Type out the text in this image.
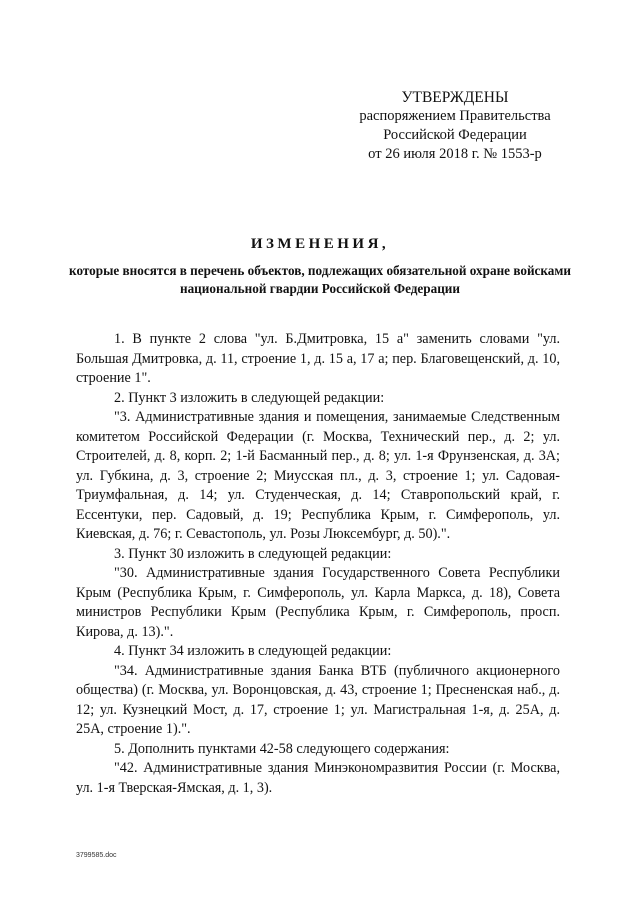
УТВЕРЖДЕНЫ
распоряжением Правительства
Российской Федерации
от 26 июля 2018 г. № 1553-р
ИЗМЕНЕНИЯ,
которые вносятся в перечень объектов, подлежащих обязательной охране войсками национальной гвардии Российской Федерации

1. В пункте 2 слова "ул. Б.Дмитровка, 15 а" заменить словами "ул. Большая Дмитровка, д. 11, строение 1, д. 15 а, 17 а; пер. Благовещенский, д. 10, строение 1".

2. Пункт 3 изложить в следующей редакции:

"3. Административные здания и помещения, занимаемые Следственным комитетом Российской Федерации (г. Москва, Технический пер., д. 2; ул. Строителей, д. 8, корп. 2; 1-й Басманный пер., д. 8; ул. 1-я Фрунзенская, д. 3А; ул. Губкина, д. 3, строение 2; Миусская пл., д. 3, строение 1; ул. Садовая-Триумфальная, д. 14; ул. Студенческая, д. 14; Ставропольский край, г. Ессентуки, пер. Садовый, д. 19; Республика Крым, г. Симферополь, ул. Киевская, д. 76; г. Севастополь, ул. Розы Люксембург, д. 50).".

3. Пункт 30 изложить в следующей редакции:

"30. Административные здания Государственного Совета Республики Крым (Республика Крым, г. Симферополь, ул. Карла Маркса, д. 18), Совета министров Республики Крым (Республика Крым, г. Симферополь, просп. Кирова, д. 13).".

4. Пункт 34 изложить в следующей редакции:

"34. Административные здания Банка ВТБ (публичного акционерного общества) (г. Москва, ул. Воронцовская, д. 43, строение 1; Пресненская наб., д. 12; ул. Кузнецкий Мост, д. 17, строение 1; ул. Магистральная 1-я, д. 25А, д. 25А, строение 1).".

5. Дополнить пунктами 42-58 следующего содержания:

"42. Административные здания Минэкономразвития России (г. Москва, ул. 1-я Тверская-Ямская, д. 1, 3).

3799585.doc
